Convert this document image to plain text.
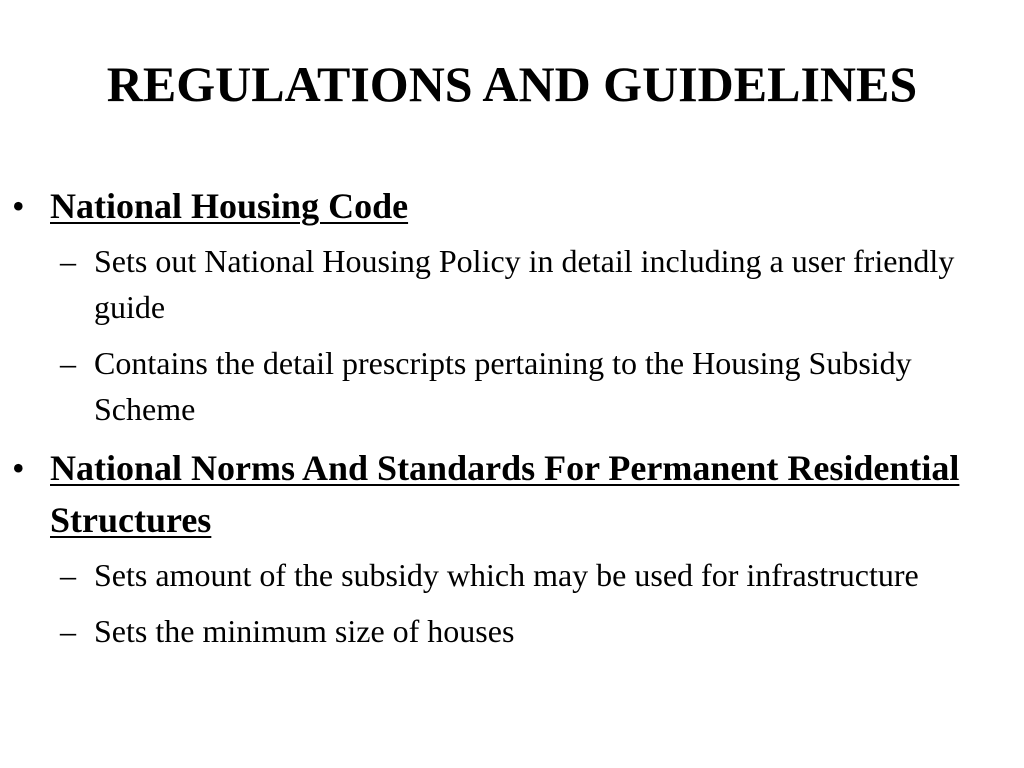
REGULATIONS AND GUIDELINES
• National Housing Code
– Sets out National Housing Policy in detail including a user friendly guide
– Contains the detail prescripts pertaining to the Housing Subsidy Scheme
• National Norms And Standards For Permanent Residential Structures
– Sets amount of the subsidy which may be used for infrastructure
– Sets the minimum size of houses
